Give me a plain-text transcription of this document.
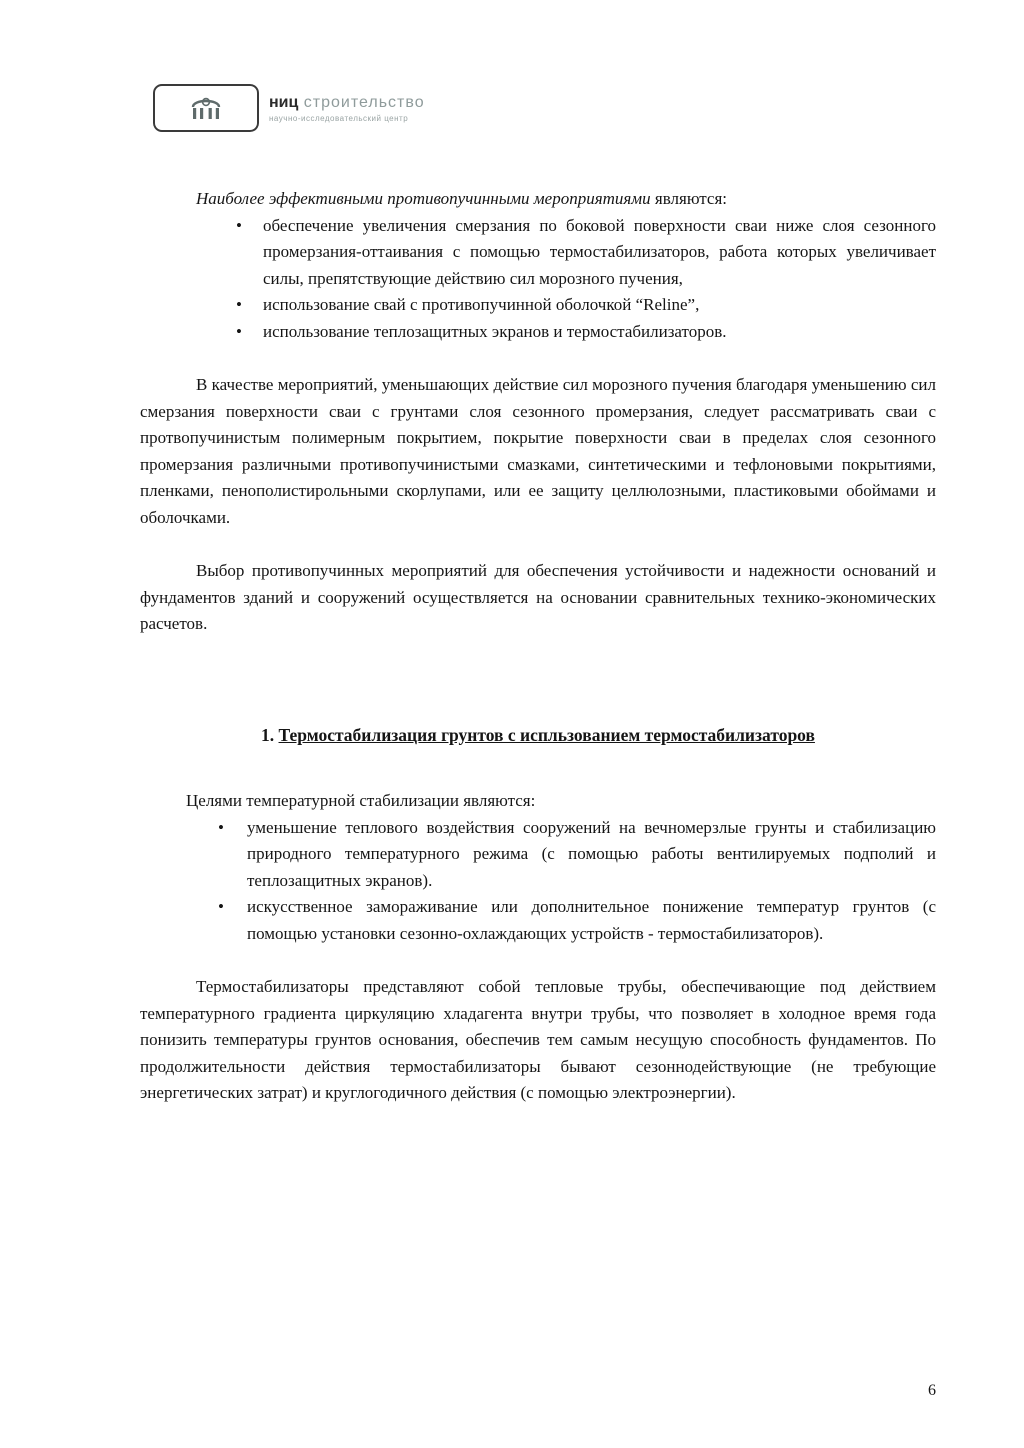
ниц строительство
научно-исследовательский центр

Наиболее эффективными противопучинными мероприятиями являются:

• обеспечение увеличения смерзания по боковой поверхности сваи ниже слоя сезонного промерзания-оттаивания с помощью термостабилизаторов, работа которых увеличивает силы, препятствующие действию сил морозного пучения,
• использование свай с противопучинной оболочкой “Reline”,
• использование теплозащитных экранов и термостабилизаторов.

В качестве мероприятий, уменьшающих действие сил морозного пучения благодаря уменьшению сил смерзания поверхности сваи с грунтами слоя сезонного промерзания, следует рассматривать сваи с протвопучинистым полимерным покрытием, покрытие поверхности сваи в пределах слоя сезонного промерзания различными противопучинистыми смазками, синтетическими и тефлоновыми покрытиями, пленками, пенополистирольными скорлупами, или ее защиту целлюлозными, пластиковыми обоймами и оболочками.

Выбор противопучинных мероприятий для обеспечения устойчивости и надежности оснований и фундаментов зданий и сооружений осуществляется на основании сравнительных технико-экономических расчетов.

1. Термостабилизация грунтов с испльзованием термостабилизаторов

Целями температурной стабилизации являются:

• уменьшение теплового воздействия сооружений на вечномерзлые грунты и стабилизацию природного температурного режима (с помощью работы вентилируемых подполий и теплозащитных экранов).
• искусственное замораживание или дополнительное понижение температур грунтов (с помощью установки сезонно-охлаждающих устройств - термостабилизаторов).

Термостабилизаторы представляют собой тепловые трубы, обеспечивающие под действием температурного градиента циркуляцию хладагента внутри трубы, что позволяет в холодное время года понизить температуры грунтов основания, обеспечив тем самым несущую способность фундаментов. По продолжительности действия термостабилизаторы бывают сезоннодействующие (не требующие энергетических затрат) и круглогодичного действия (с помощью электроэнергии).

6
